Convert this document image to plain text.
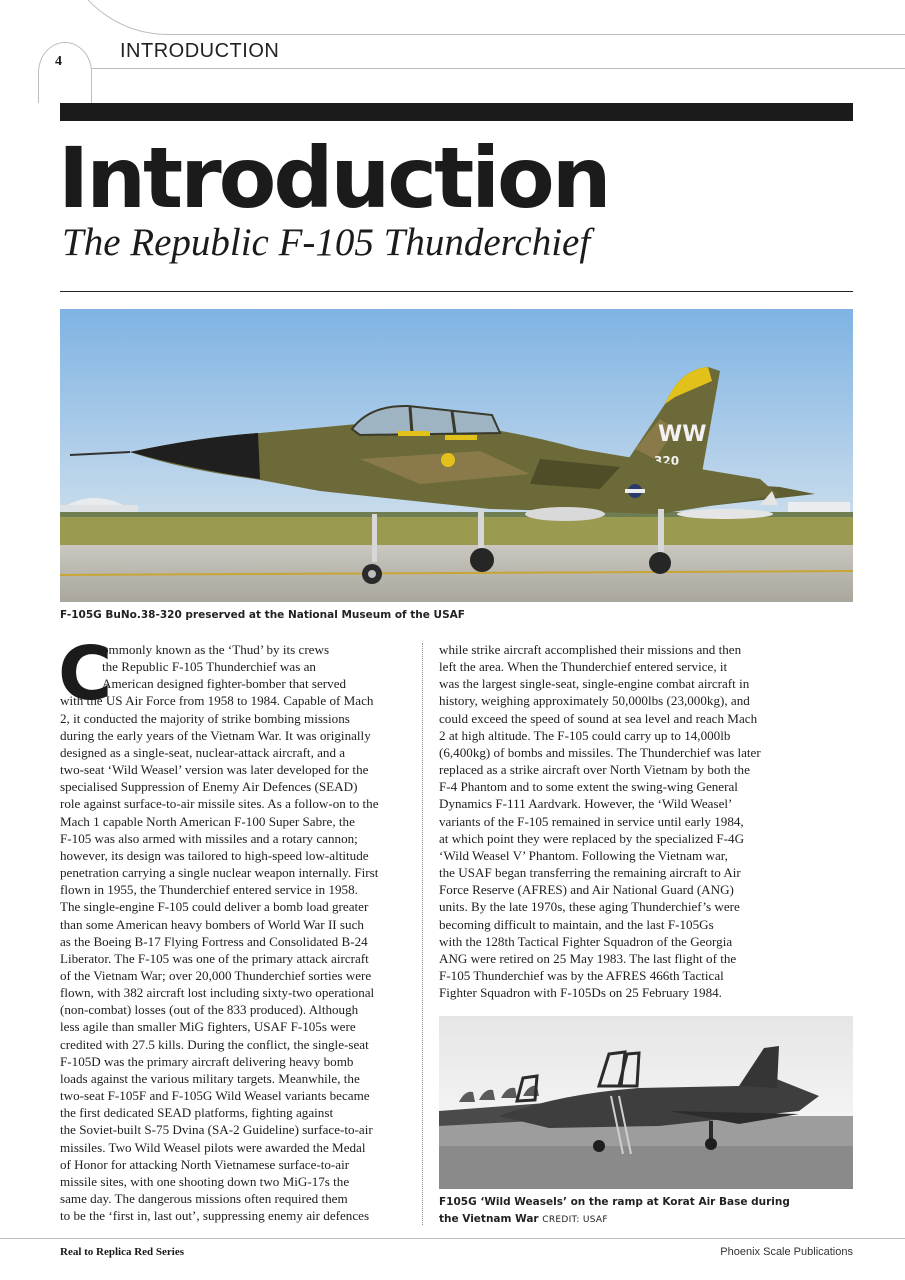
4	INTRODUCTION
Introduction
The Republic F-105 Thunderchief
WW
320
F-105G BuNo.38-320 preserved at the National Museum of the USAF
C
ommonly known as the ‘Thud’ by its crews
the Republic F-105 Thunderchief was an
American designed fighter-bomber that served
with the US Air Force from 1958 to 1984. Capable of Mach
2, it conducted the majority of strike bombing missions
during the early years of the Vietnam War. It was originally
designed as a single-seat, nuclear-attack aircraft, and a
two-seat ‘Wild Weasel’ version was later developed for the
specialised Suppression of Enemy Air Defences (SEAD)
role against surface-to-air missile sites. As a follow-on to the
Mach 1 capable North American F-100 Super Sabre, the
F-105 was also armed with missiles and a rotary cannon;
however, its design was tailored to high-speed low-altitude
penetration carrying a single nuclear weapon internally. First
flown in 1955, the Thunderchief entered service in 1958.
The single-engine F-105 could deliver a bomb load greater
than some American heavy bombers of World War II such
as the Boeing B-17 Flying Fortress and Consolidated B-24
Liberator. The F-105 was one of the primary attack aircraft
of the Vietnam War; over 20,000 Thunderchief sorties were
flown, with 382 aircraft lost including sixty-two operational
(non-combat) losses (out of the 833 produced). Although
less agile than smaller MiG fighters, USAF F-105s were
credited with 27.5 kills. During the conflict, the single-seat
F-105D was the primary aircraft delivering heavy bomb
loads against the various military targets. Meanwhile, the
two-seat F-105F and F-105G Wild Weasel variants became
the first dedicated SEAD platforms, fighting against
the Soviet-built S-75 Dvina (SA-2 Guideline) surface-to-air
missiles. Two Wild Weasel pilots were awarded the Medal
of Honor for attacking North Vietnamese surface-to-air
missile sites, with one shooting down two MiG-17s the
same day. The dangerous missions often required them
to be the ‘first in, last out’, suppressing enemy air defences
while strike aircraft accomplished their missions and then
left the area. When the Thunderchief entered service, it
was the largest single-seat, single-engine combat aircraft in
history, weighing approximately 50,000lbs (23,000kg), and
could exceed the speed of sound at sea level and reach Mach
2 at high altitude. The F-105 could carry up to 14,000lb
(6,400kg) of bombs and missiles. The Thunderchief was later
replaced as a strike aircraft over North Vietnam by both the
F-4 Phantom and to some extent the swing-wing General
Dynamics F-111 Aardvark. However, the ‘Wild Weasel’
variants of the F-105 remained in service until early 1984,
at which point they were replaced by the specialized F-4G
‘Wild Weasel V’ Phantom. Following the Vietnam war,
the USAF began transferring the remaining aircraft to Air
Force Reserve (AFRES) and Air National Guard (ANG)
units. By the late 1970s, these aging Thunderchief’s were
becoming difficult to maintain, and the last F-105Gs
with the 128th Tactical Fighter Squadron of the Georgia
ANG were retired on 25 May 1983. The last flight of the
F-105 Thunderchief was by the AFRES 466th Tactical
Fighter Squadron with F-105Ds on 25 February 1984.
F105G ‘Wild Weasels’ on the ramp at Korat Air Base during the Vietnam War CREDIT: USAF
Real to Replica Red Series	Phoenix Scale Publications
